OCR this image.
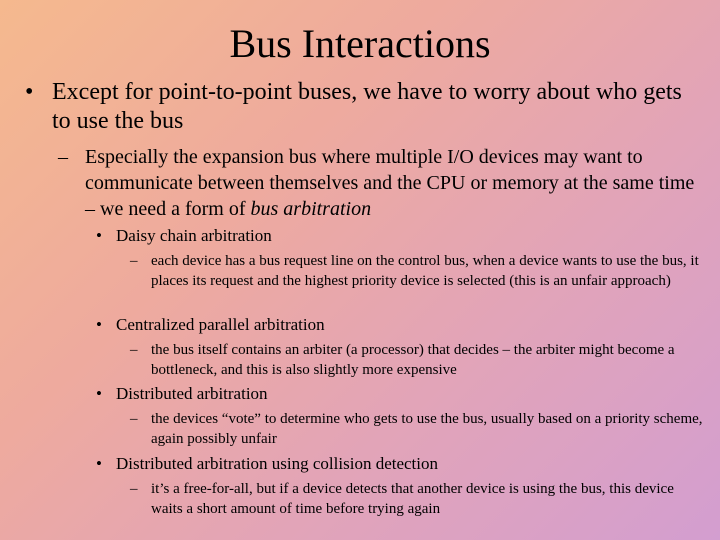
Bus Interactions
• Except for point-to-point buses, we have to worry about who gets to use the bus
– Especially the expansion bus where multiple I/O devices may want to communicate between themselves and the CPU or memory at the same time – we need a form of bus arbitration
• Daisy chain arbitration
– each device has a bus request line on the control bus, when a device wants to use the bus, it places its request and the highest priority device is selected (this is an unfair approach)
• Centralized parallel arbitration
– the bus itself contains an arbiter (a processor) that decides – the arbiter might become a bottleneck, and this is also slightly more expensive
• Distributed arbitration
– the devices “vote” to determine who gets to use the bus, usually based on a priority scheme, again possibly unfair
• Distributed arbitration using collision detection
– it’s a free-for-all, but if a device detects that another device is using the bus, this device waits a short amount of time before trying again
